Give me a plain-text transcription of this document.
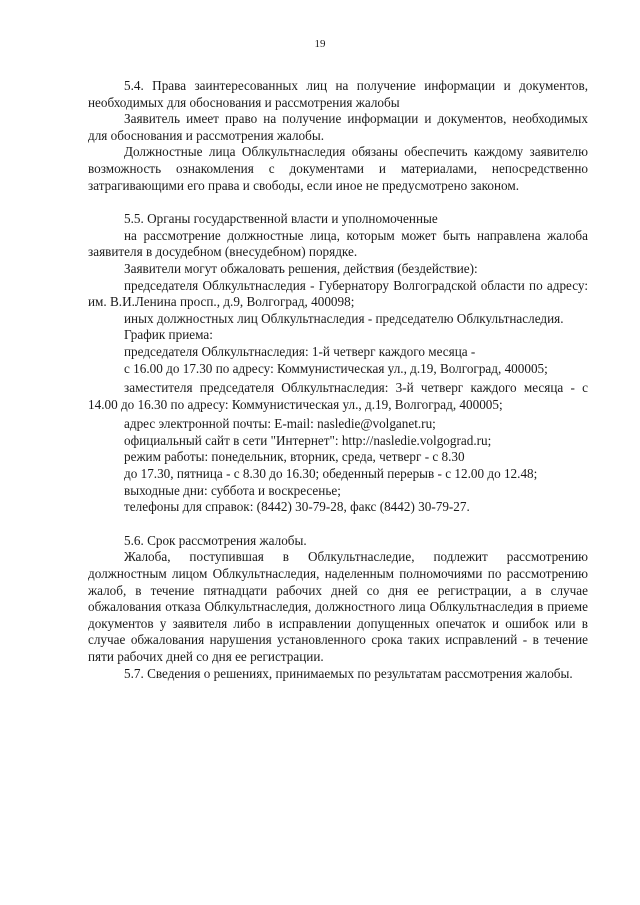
19

5.4. Права заинтересованных лиц на получение информации и документов, необходимых для обоснования и рассмотрения жалобы

Заявитель имеет право на получение информации и документов, необходимых для обоснования и рассмотрения жалобы.

Должностные лица Облкультнаследия обязаны обеспечить каждому заявителю возможность ознакомления с документами и материалами, непосредственно затрагивающими его права и свободы, если иное не предусмотрено законом.

5.5. Органы государственной власти и уполномоченные

на рассмотрение должностные лица, которым может быть направлена жалоба заявителя в досудебном (внесудебном) порядке.

Заявители могут обжаловать решения, действия (бездействие):

председателя Облкультнаследия - Губернатору Волгоградской области по адресу: им. В.И.Ленина просп., д.9, Волгоград, 400098;

иных должностных лиц Облкультнаследия - председателю Облкультнаследия.

График приема:

председателя Облкультнаследия: 1-й четверг каждого месяца -

с 16.00 до 17.30 по адресу: Коммунистическая ул., д.19, Волгоград, 400005;

заместителя председателя Облкультнаследия: 3-й четверг каждого месяца - с 14.00 до 16.30 по адресу: Коммунистическая ул., д.19, Волгоград, 400005;

адрес электронной почты: E-mail: nasledie@volganet.ru;

официальный сайт в сети "Интернет": http://nasledie.volgograd.ru;

режим работы: понедельник, вторник, среда, четверг - с 8.30

до 17.30, пятница - с 8.30 до 16.30; обеденный перерыв - с 12.00 до 12.48;

выходные дни: суббота и воскресенье;

телефоны для справок: (8442) 30-79-28, факс (8442) 30-79-27.

5.6. Срок рассмотрения жалобы.

Жалоба, поступившая в Облкультнаследие, подлежит рассмотрению должностным лицом Облкультнаследия, наделенным полномочиями по рассмотрению жалоб, в течение пятнадцати рабочих дней со дня ее регистрации, а в случае обжалования отказа Облкультнаследия, должностного лица Облкультнаследия в приеме документов у заявителя либо в исправлении допущенных опечаток и ошибок или в случае обжалования нарушения установленного срока таких исправлений - в течение пяти рабочих дней со дня ее регистрации.

5.7. Сведения о решениях, принимаемых по результатам рассмотрения жалобы.
